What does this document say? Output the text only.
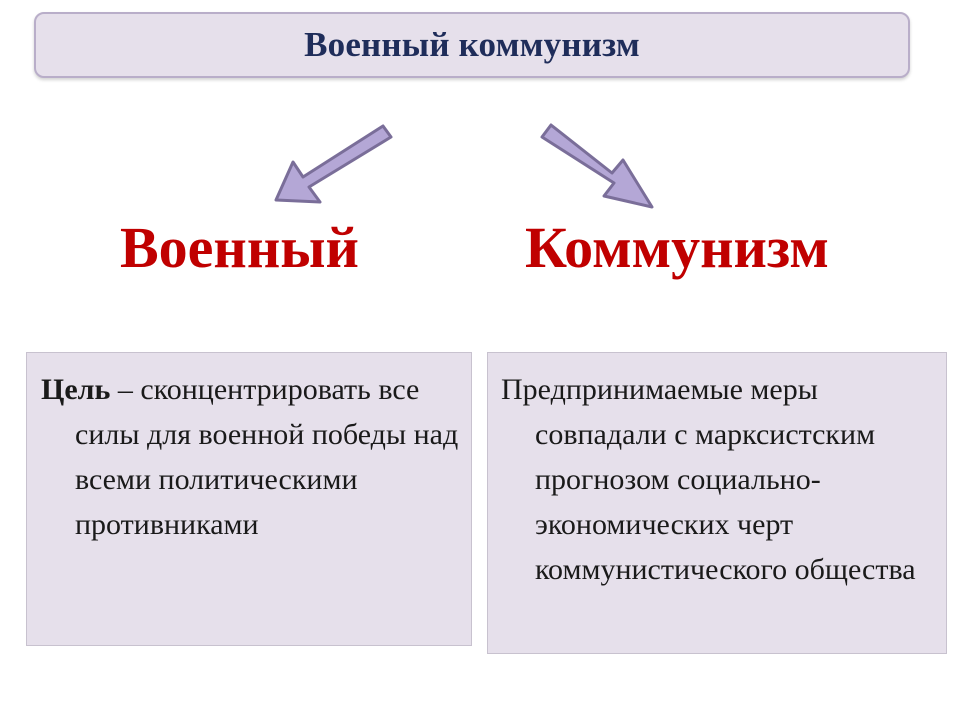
Военный коммунизм
Военный	Коммунизм

Цель – сконцентрировать все силы для военной победы над всеми политическими противниками

Предпринимаемые меры совпадали с марксистским прогнозом социально-экономических черт коммунистического общества
